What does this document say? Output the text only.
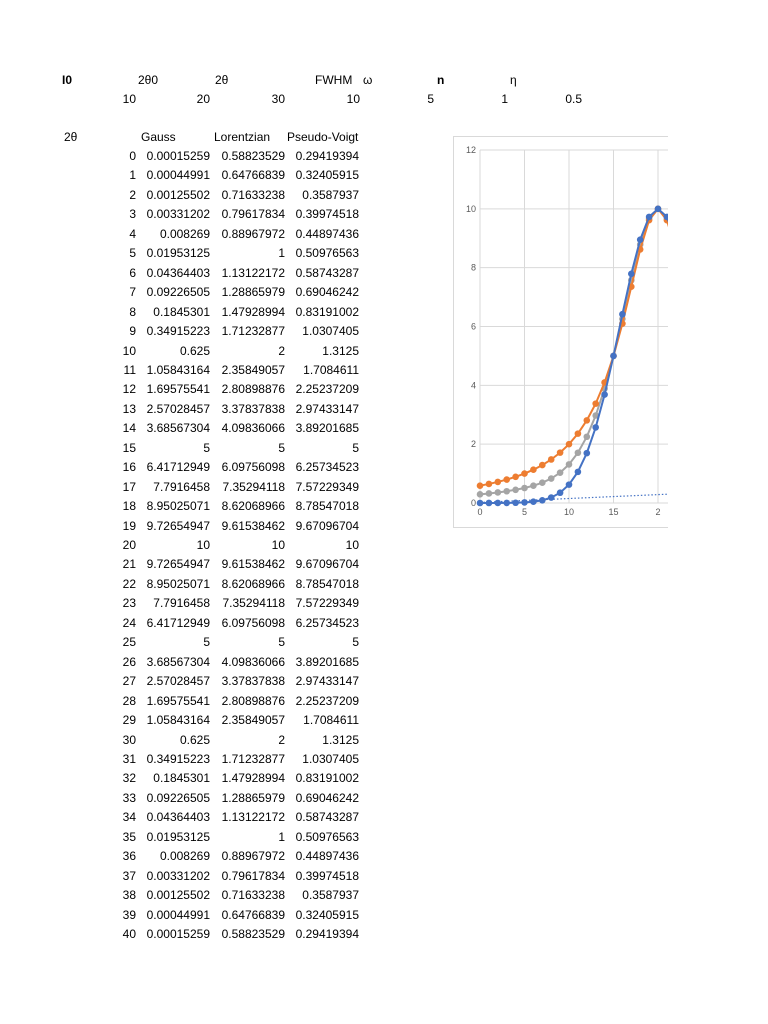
I0	2θ0	2θ	FWHM ω	n	η
10	20	30	10	5	1	0.5
2θ	Gauss	Lorentzian Pseudo-Voigt
0 0.00015259 0.58823529 0.29419394
1 0.00044991 0.64766839 0.32405915
2 0.00125502 0.71633238 0.3587937
3 0.00331202 0.79617834 0.39974518
4 0.008269 0.88967972 0.44897436
5 0.01953125	1 0.50976563
6 0.04364403 1.13122172 0.58743287
7 0.09226505 1.28865979 0.69046242
8 0.1845301 1.47928994 0.83191002
9 0.34915223 1.71232877 1.0307405
10	0.625	2	1.3125
11 1.05843164 2.35849057 1.7084611
12 1.69575541 2.80898876 2.25237209
13 2.57028457 3.37837838 2.97433147
14 3.68567304 4.09836066 3.89201685
15	5	5	5
16 6.41712949 6.09756098 6.25734523
17 7.7916458 7.35294118 7.57229349
18 8.95025071 8.62068966 8.78547018
19 9.72654947 9.61538462 9.67096704
20	10	10	10
21 9.72654947 9.61538462 9.67096704
22 8.95025071 8.62068966 8.78547018
23 7.7916458 7.35294118 7.57229349
24 6.41712949 6.09756098 6.25734523
25	5	5	5
26 3.68567304 4.09836066 3.89201685
27 2.57028457 3.37837838 2.97433147
28 1.69575541 2.80898876 2.25237209
29 1.05843164 2.35849057 1.7084611
30	0.625	2	1.3125
31 0.34915223 1.71232877 1.0307405
32 0.1845301 1.47928994 0.83191002
33 0.09226505 1.28865979 0.69046242
34 0.04364403 1.13122172 0.58743287
35 0.01953125	1 0.50976563
36 0.008269 0.88967972 0.44897436
37 0.00331202 0.79617834 0.39974518
38 0.00125502 0.71633238 0.3587937
39 0.00044991 0.64766839 0.32405915
40 0.00015259 0.58823529 0.29419394
0
2
4
6
8
10
12
0	5	10	15	2
